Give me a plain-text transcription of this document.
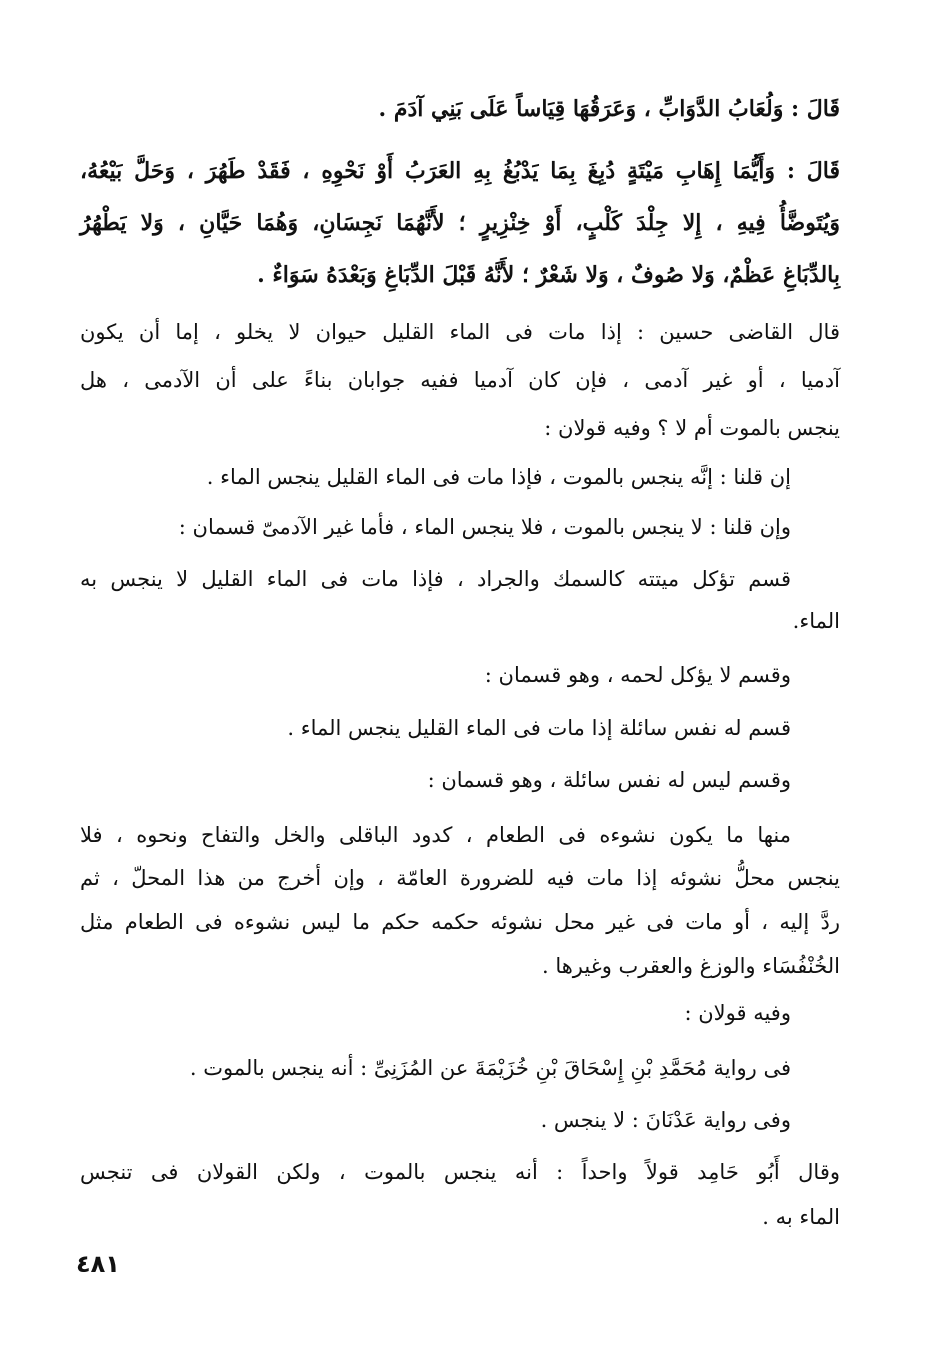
قَالَ : وَلُعَابُ الدَّوَابِّ ، وَعَرَقُهَا قِيَاساً عَلَى بَنِي آدَمَ .
قَالَ : وَأَيُّمَا إِهَابِ مَيْتَةٍ دُبِغَ بِمَا يَدْبُغُ بِهِ العَرَبُ أَوْ نَحْوِهِ ، فَقَدْ طَهُرَ ، وَحَلَّ بَيْعُهُ،
وَيُتَوضَّأُ فِيهِ ، إِلا جِلْدَ كَلْبٍ، أَوْ خِنْزِيرٍ ؛ لأَنَّهُمَا نَجِسَانِ، وَهُمَا حَيَّانِ ، وَلا يَطْهُرُ
بِالدِّبَاغِ عَظْمٌ، وَلا صُوفٌ ، وَلا شَعْرٌ ؛ لأَنَّهُ قَبْلَ الدِّبَاغِ وَبَعْدَهُ سَوَاءٌ .
قال القاضى حسين : إذا مات فى الماء القليل حيوان لا يخلو ، إما أن يكون
آدميا ، أو غير آدمى ، فإن كان آدميا ففيه جوابان بناءً على أن الآدمى ، هل
ينجس بالموت أم لا ؟ وفيه قولان :
إن قلنا : إنَّه ينجس بالموت ، فإذا مات فى الماء القليل ينجس الماء .
وإن قلنا : لا ينجس بالموت ، فلا ينجس الماء ، فأما غير الآدمىّ قسمان :
قسم تؤكل ميتته كالسمك والجراد ، فإذا مات فى الماء القليل لا ينجس به
الماء.
وقسم لا يؤكل لحمه ، وهو قسمان :
قسم له نفس سائلة إذا مات فى الماء القليل ينجس الماء .
وقسم ليس له نفس سائلة ، وهو قسمان :
منها ما يكون نشوءه فى الطعام ، كدود الباقلى والخل والتفاح ونحوه ، فلا
ينجس محلُّ نشوئه إذا مات فيه للضرورة العامّة ، وإن أخرج من هذا المحلّ ، ثم
ردَّ إليه ، أو مات فى غير محل نشوئه حكمه حكم ما ليس نشوءه فى الطعام مثل
الخُنْفُسَاء والوزغ والعقرب وغيرها .
وفيه قولان :
فى رواية مُحَمَّدِ بْنِ إِسْحَاقَ بْنِ خُزَيْمَةَ عن المُزَنِىِّ : أنه ينجس بالموت .
وفى رواية عَدْنَانَ : لا ينجس .
وقال أَبُو حَامِد قولاً واحداً : أنه ينجس بالموت ، ولكن القولان فى تنجس
الماء به .
٤٨١
